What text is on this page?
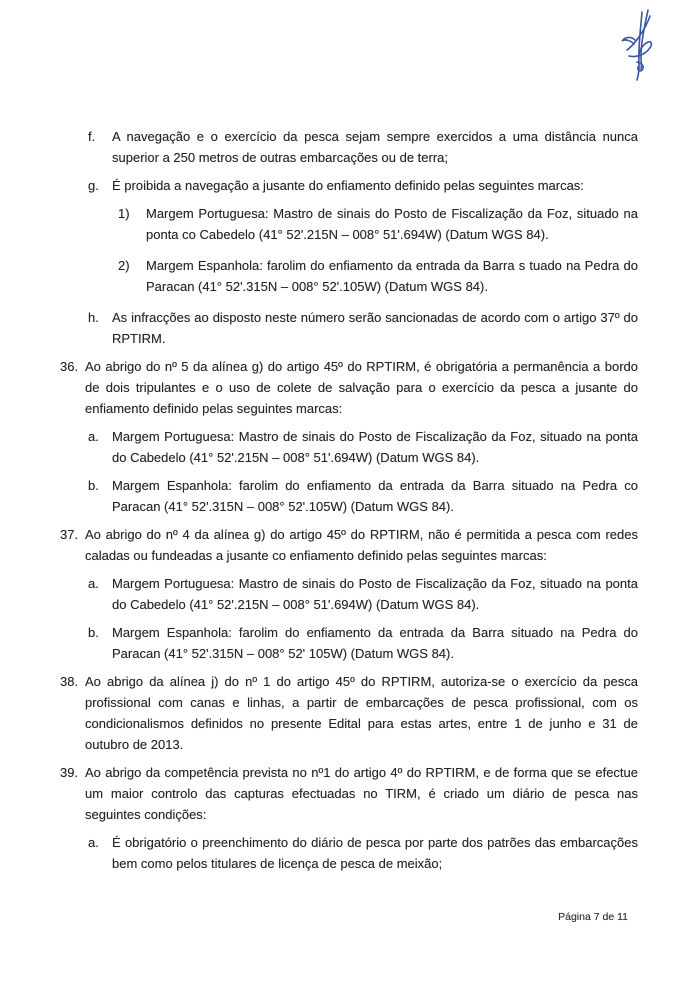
f.	A navegação e o exercício da pesca sejam sempre exercidos a uma distância nunca superior a 250 metros de outras embarcações ou de terra;

g.	É proibida a navegação a jusante do enfiamento definido pelas seguintes marcas:

1)	Margem Portuguesa: Mastro de sinais do Posto de Fiscalização da Foz, situado na ponta co Cabedelo (41° 52'.215N – 008° 51'.694W) (Datum WGS 84).

2)	Margem Espanhola: farolim do enfiamento da entrada da Barra s tuado na Pedra do Paracan (41° 52'.315N – 008° 52'.105W) (Datum WGS 84).

h.	As infracções ao disposto neste número serão sancionadas de acordo com o artigo 37º do RPTIRM.

36. Ao abrigo do nº 5 da alínea g) do artigo 45º do RPTIRM, é obrigatória a permanência a bordo de dois tripulantes e o uso de colete de salvação para o exercício da pesca a jusante do enfiamento definido pelas seguintes marcas:

a.	Margem Portuguesa: Mastro de sinais do Posto de Fiscalização da Foz, situado na ponta do Cabedelo (41° 52'.215N – 008° 51'.694W) (Datum WGS 84).

b.	Margem Espanhola: farolim do enfiamento da entrada da Barra situado na Pedra co Paracan (41° 52'.315N – 008° 52'.105W) (Datum WGS 84).

37. Ao abrigo do nº 4 da alínea g) do artigo 45º do RPTIRM, não é permitida a pesca com redes caladas ou fundeadas a jusante co enfiamento definido pelas seguintes marcas:

a.	Margem Portuguesa: Mastro de sinais do Posto de Fiscalização da Foz, situado na ponta do Cabedelo (41° 52'.215N – 008° 51'.694W) (Datum WGS 84).

b.	Margem Espanhola: farolim do enfiamento da entrada da Barra situado na Pedra do Paracan (41° 52'.315N – 008° 52' 105W) (Datum WGS 84).

38. Ao abrigo da alínea j) do nº 1 do artigo 45º do RPTIRM, autoriza-se o exercício da pesca profissional com canas e linhas, a partir de embarcações de pesca profissional, com os condicionalismos definidos no presente Edital para estas artes, entre 1 de junho e 31 de outubro de 2013.

39. Ao abrigo da competência prevista no nº1 do artigo 4º do RPTIRM, e de forma que se efectue um maior controlo das capturas efectuadas no TIRM, é criado um diário de pesca nas seguintes condições:

a.	É obrigatório o preenchimento do diário de pesca por parte dos patrões das embarcações bem como pelos titulares de licença de pesca de meixão;

Página 7 de 11
